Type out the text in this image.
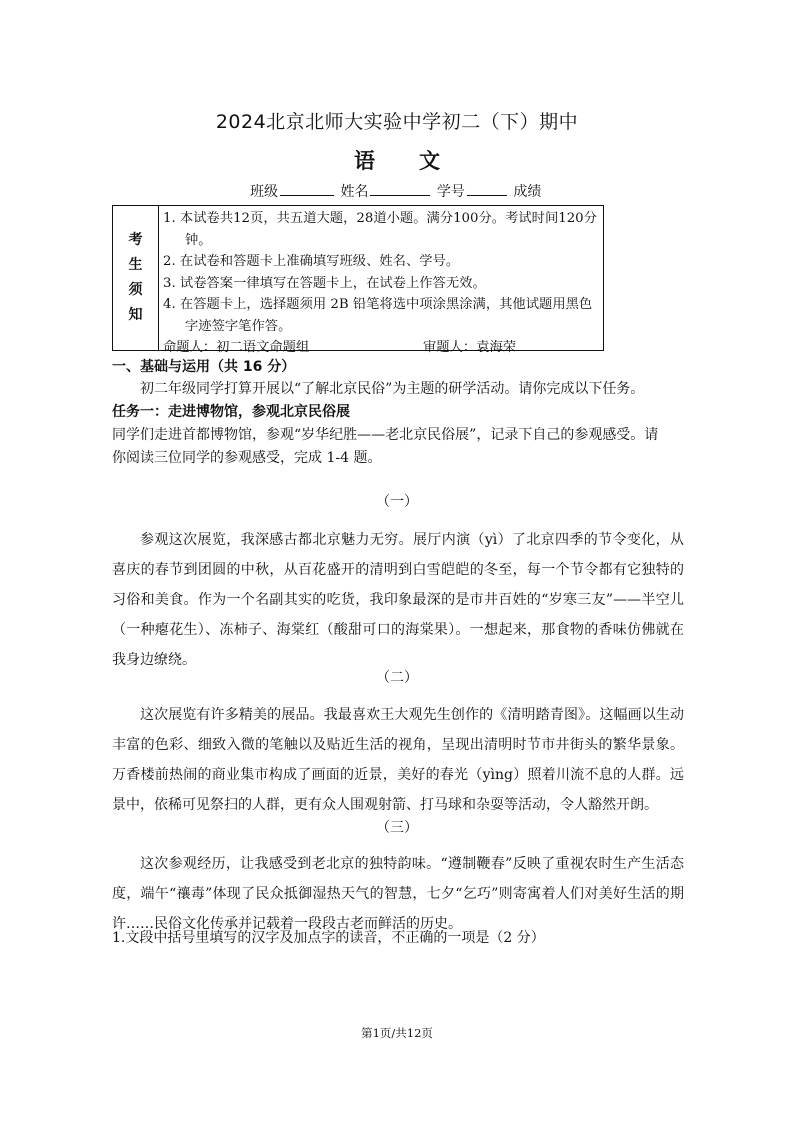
2024北京北师大实验中学初二（下）期中
语 文
班级	姓名	学号	成绩
考
生
须
知

1. 本试卷共12页，共五道大题，28道小题。满分100分。考试时间120分钟。

2. 在试卷和答题卡上准确填写班级、姓名、学号。

3. 试卷答案一律填写在答题卡上，在试卷上作答无效。

4. 在答题卡上，选择题须用 2B 铅笔将选中项涂黑涂满，其他试题用黑色字迹签字笔作答。

命题人：初二语文命题组	审题人：袁海荣
一、基础与运用（共 16 分）

初二年级同学打算开展以“了解北京民俗”为主题的研学活动。请你完成以下任务。

任务一：走进博物馆，参观北京民俗展

同学们走进首都博物馆，参观“岁华纪胜——老北京民俗展”，记录下自己的参观感受。请你阅读三位同学的参观感受，完成 1-4 题。

（一）

参观这次展览，我深感古都北京魅力无穷。展厅内演（yì）了北京四季的节令变化，从喜庆的春节到团圆的中秋，从百花盛开的清明到白雪皑皑的冬至，每一个节令都有它独特的习俗和美食。作为一个名副其实的吃货，我印象最深的是市井百姓的“岁寒三友”——半空儿（一种瘪花生）、冻柿子、海棠红（酸甜可口的海棠果）。一想起来，那食物的香味仿佛就在我身边缭绕。

（二）

这次展览有许多精美的展品。我最喜欢王大观先生创作的《清明踏青图》。这幅画以生动丰富的色彩、细致入微的笔触以及贴近生活的视角，呈现出清明时节市井街头的繁华景象。万香楼前热闹的商业集市构成了画面的近景，美好的春光（yìng）照着川流不息的人群。远景中，依稀可见祭扫的人群，更有众人围观射箭、打马球和杂耍等活动，令人豁然开朗。

（三）

这次参观经历，让我感受到老北京的独特韵味。“遵制鞭春”反映了重视农时生产生活态度，端午“禳毒”体现了民众抵御湿热天气的智慧，七夕“乞巧”则寄寓着人们对美好生活的期许……民俗文化传承并记载着一段段古老而鲜活的历史。

1.文段中括号里填写的汉字及加点字的读音，不正确的一项是（2 分）
第1页/共12页
